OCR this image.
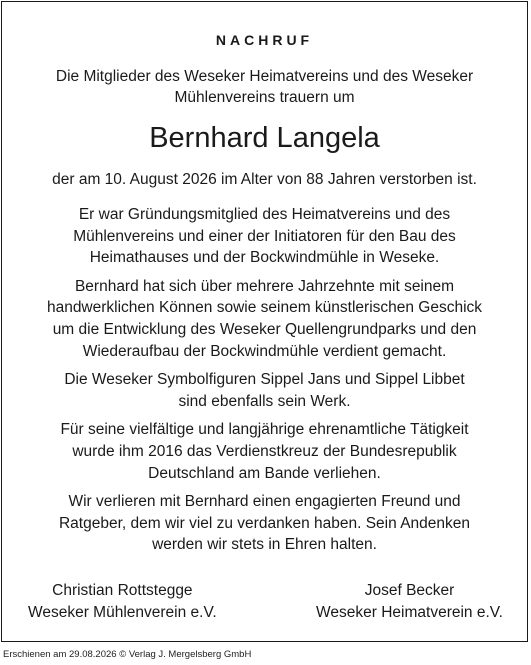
NACHRUF
Die Mitglieder des Weseker Heimatvereins und des Weseker
Mühlenvereins trauern um
Bernhard Langela
der am 10. August 2026 im Alter von 88 Jahren verstorben ist.

Er war Gründungsmitglied des Heimatvereins und des
Mühlenvereins und einer der Initiatoren für den Bau des
Heimathauses und der Bockwindmühle in Weseke.

Bernhard hat sich über mehrere Jahrzehnte mit seinem
handwerklichen Können sowie seinem künstlerischen Geschick
um die Entwicklung des Weseker Quellengrundparks und den
Wiederaufbau der Bockwindmühle verdient gemacht.

Die Weseker Symbolfiguren Sippel Jans und Sippel Libbet
sind ebenfalls sein Werk.

Für seine vielfältige und langjährige ehrenamtliche Tätigkeit
wurde ihm 2016 das Verdienstkreuz der Bundesrepublik
Deutschland am Bande verliehen.

Wir verlieren mit Bernhard einen engagierten Freund und
Ratgeber, dem wir viel zu verdanken haben. Sein Andenken
werden wir stets in Ehren halten.

Christian Rottstegge
Weseker Mühlenverein e.V.
Josef Becker
Weseker Heimatverein e.V.
Erschienen am 29.08.2026 © Verlag J. Mergelsberg GmbH
